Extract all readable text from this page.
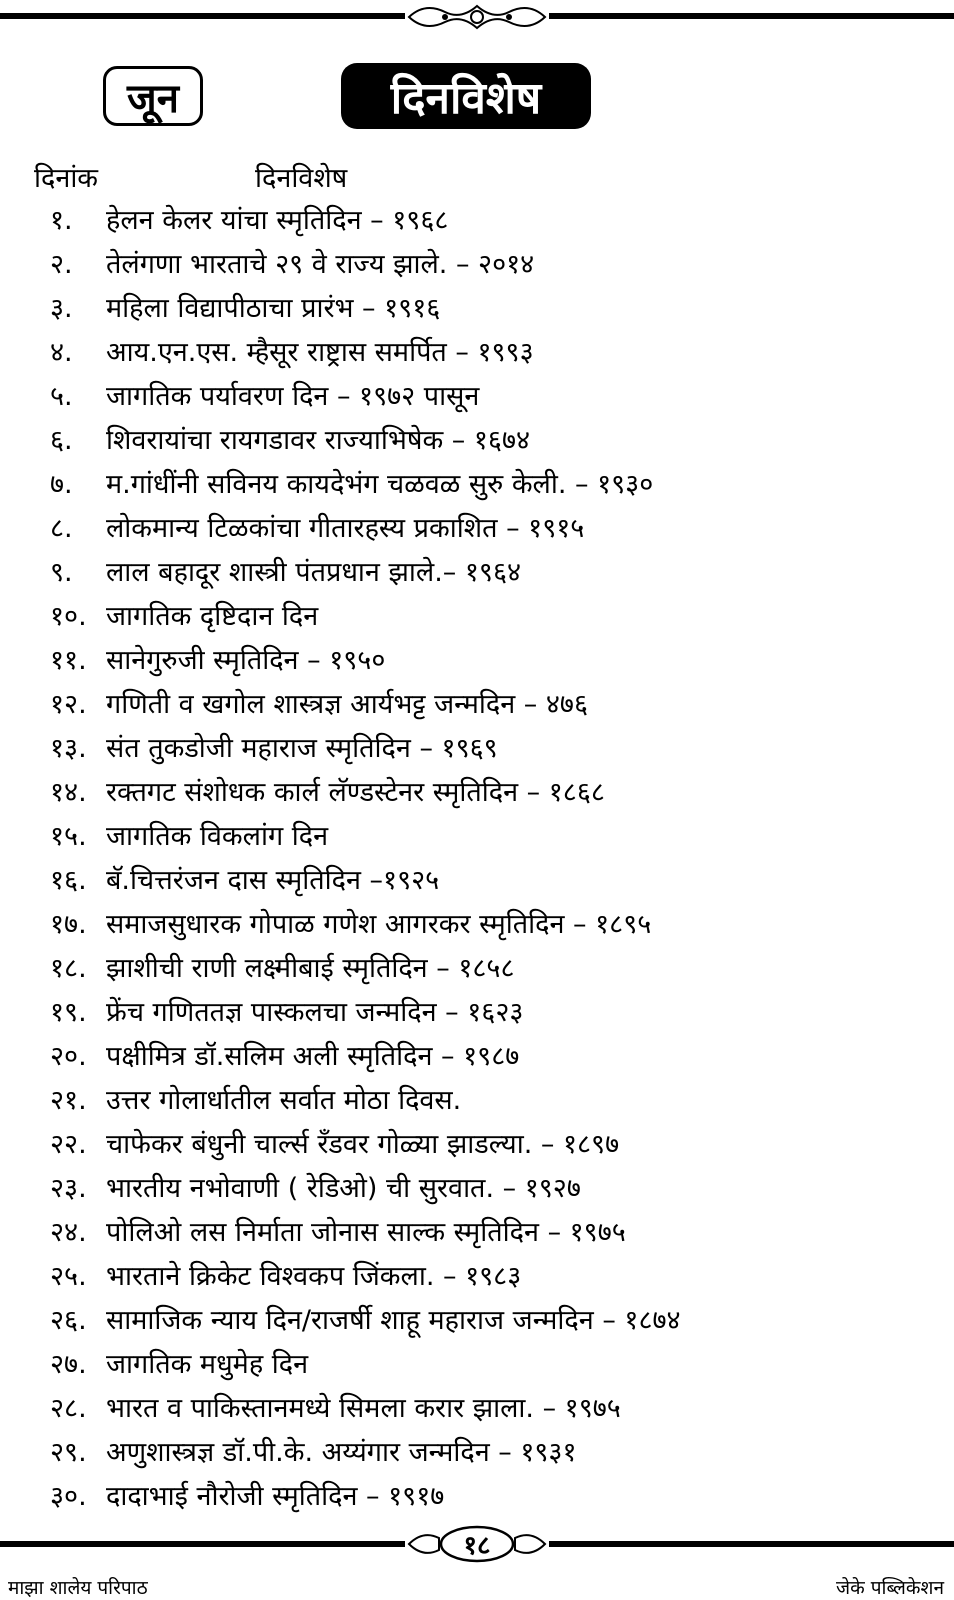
जून	दिनविशेष
दिनांक	दिनविशेष
१. हेलन केलर यांचा स्मृतिदिन – १९६८
२. तेलंगणा भारताचे २९ वे राज्य झाले. – २०१४
३. महिला विद्यापीठाचा प्रारंभ – १९१६
४. आय.एन.एस. म्हैसूर राष्ट्रास समर्पित – १९९३
५. जागतिक पर्यावरण दिन – १९७२ पासून
६. शिवरायांचा रायगडावर राज्याभिषेक – १६७४
७. म.गांधींनी सविनय कायदेभंग चळवळ सुरु केली. – १९३०
८. लोकमान्य टिळकांचा गीतारहस्य प्रकाशित – १९१५
९. लाल बहादूर शास्त्री पंतप्रधान झाले.– १९६४
१०. जागतिक दृष्टिदान दिन
११. सानेगुरुजी स्मृतिदिन – १९५०
१२. गणिती व खगोल शास्त्रज्ञ आर्यभट्ट जन्मदिन – ४७६
१३. संत तुकडोजी महाराज स्मृतिदिन – १९६९
१४. रक्तगट संशोधक कार्ल लॅण्डस्टेनर स्मृतिदिन – १८६८
१५. जागतिक विकलांग दिन
१६. बॅ.चित्तरंजन दास स्मृतिदिन –१९२५
१७. समाजसुधारक गोपाळ गणेश आगरकर स्मृतिदिन – १८९५
१८. झाशीची राणी लक्ष्मीबाई स्मृतिदिन – १८५८
१९. फ्रेंच गणिततज्ञ पास्कलचा जन्मदिन – १६२३
२०. पक्षीमित्र डॉ.सलिम अली स्मृतिदिन – १९८७
२१. उत्तर गोलार्धातील सर्वात मोठा दिवस.
२२. चाफेकर बंधुनी चार्ल्स रँडवर गोळ्या झाडल्या. – १८९७
२३. भारतीय नभोवाणी ( रेडिओ) ची सुरवात. – १९२७
२४. पोलिओ लस निर्माता जोनास साल्क स्मृतिदिन – १९७५
२५. भारताने क्रिकेट विश्वकप जिंकला. – १९८३
२६. सामाजिक न्याय दिन/राजर्षी शाहू महाराज जन्मदिन – १८७४
२७. जागतिक मधुमेह दिन
२८. भारत व पाकिस्तानमध्ये सिमला करार झाला. – १९७५
२९. अणुशास्त्रज्ञ डॉ.पी.के. अय्यंगार जन्मदिन – १९३१
३०. दादाभाई नौरोजी स्मृतिदिन – १९१७
१८
माझा शालेय परिपाठ	जेके पब्लिकेशन
